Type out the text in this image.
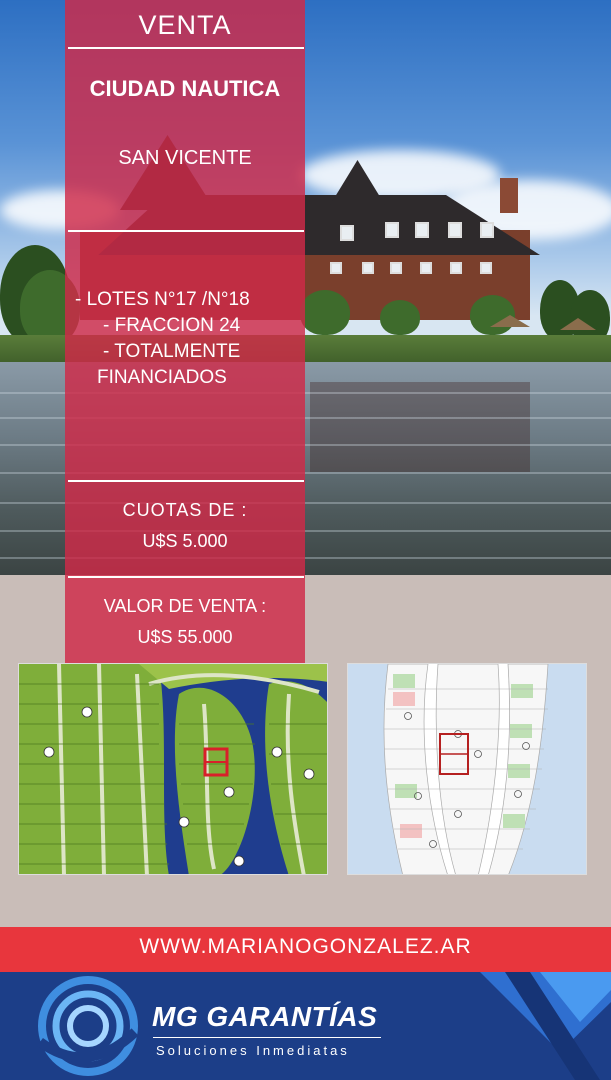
VENTA
CIUDAD NAUTICA
SAN VICENTE
- LOTES N°17 /N°18
- FRACCION 24
- TOTALMENTE
FINANCIADOS
CUOTAS DE :
U$S 5.000
VALOR DE VENTA :
U$S 55.000
WWW.MARIANOGONZALEZ.AR
MG GARANTÍAS
Soluciones Inmediatas
